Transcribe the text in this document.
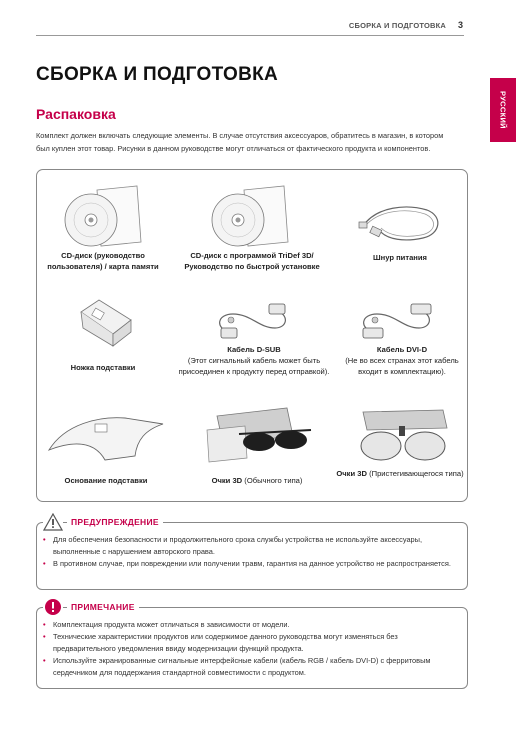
СБОРКА И ПОДГОТОВКА 3
РУССКИЙ
СБОРКА И ПОДГОТОВКА
Распаковка
Комплект должен включать следующие элементы. В случае отсутствия аксессуаров, обратитесь в магазин, в котором был куплен этот товар. Рисунки в данном руководстве могут отличаться от фактического продукта и компонентов.
CD-диск (руководство пользователя) / карта памяти
CD-диск с программой TriDef 3D/Руководство по быстрой установке
Шнур питания
Ножка подставки
Кабель D-SUB
(Этот сигнальный кабель может быть присоединен к продукту перед отправкой).
Кабель DVI-D
(Не во всех странах этот кабель входит в комплектацию).
Основание подставки	Очки 3D (Обычного типа)
Очки 3D (Пристегивающегося типа)
ПРЕДУПРЕЖДЕНИЕ
• Для обеспечения безопасности и продолжительного срока службы устройства не используйте аксессуары, выполненные с нарушением авторского права.
• В противном случае, при повреждении или получении травм, гарантия на данное устройство не распространяется.
ПРИМЕЧАНИЕ
• Комплектация продукта может отличаться в зависимости от модели.
• Технические характеристики продуктов или содержимое данного руководства могут изменяться без предварительного уведомления ввиду модернизации функций продукта.
• Используйте экранированные сигнальные интерфейсные кабели (кабель RGB / кабель DVI-D) с ферритовым сердечником для поддержания стандартной совместимости с продуктом.
